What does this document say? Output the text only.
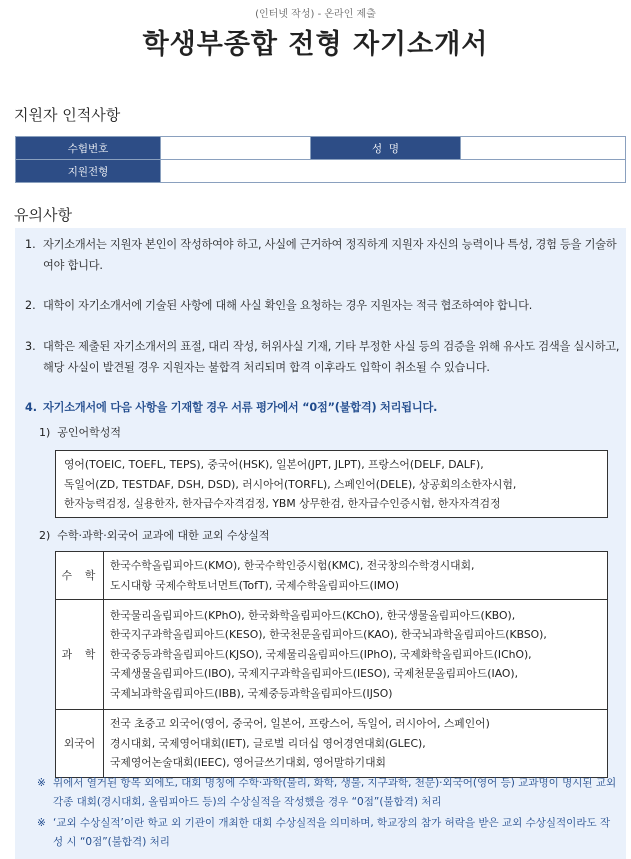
(인터넷 작성) - 온라인 제출
학생부종합 전형 자기소개서
지원자 인적사항
수험번호		성  명	
지원전형			
유의사항
1. 자기소개서는 지원자 본인이 작성하여야 하고, 사실에 근거하여 정직하게 지원자 자신의 능력이나 특성, 경험 등을 기술하여야 합니다.
2. 대학이 자기소개서에 기술된 사항에 대해 사실 확인을 요청하는 경우 지원자는 적극 협조하여야 합니다.
3. 대학은 제출된 자기소개서의 표절, 대리 작성, 허위사실 기재, 기타 부정한 사실 등의 검증을 위해 유사도 검색을 실시하고, 해당 사실이 발견될 경우 지원자는 불합격 처리되며 합격 이후라도 입학이 취소될 수 있습니다.
4. 자기소개서에 다음 사항을 기재할 경우 서류 평가에서 “0점”(불합격) 처리됩니다.
1)  공인어학성적
영어(TOEIC, TOEFL, TEPS), 중국어(HSK), 일본어(JPT, JLPT), 프랑스어(DELF, DALF),
독일어(ZD, TESTDAF, DSH, DSD), 러시아어(TORFL), 스페인어(DELE), 상공회의소한자시험,
한자능력검정, 실용한자, 한자급수자격검정, YBM 상무한검, 한자급수인증시험, 한자자격검정
2)  수학·과학·외국어 교과에 대한 교외 수상실적
수  학	한국수학올림피아드(KMO), 한국수학인증시험(KMC), 전국창의수학경시대회,
도시대항 국제수학토너먼트(TofT), 국제수학올림피아드(IMO)

과  학	한국물리올림피아드(KPhO), 한국화학올림피아드(KChO), 한국생물올림피아드(KBO),
한국지구과학올림피아드(KESO), 한국천문올림피아드(KAO), 한국뇌과학올림피아드(KBSO),
한국중등과학올림피아드(KJSO), 국제물리올림피아드(IPhO), 국제화학올림피아드(IChO),
국제생물올림피아드(IBO), 국제지구과학올림피아드(IESO), 국제천문올림피아드(IAO),
국제뇌과학올림피아드(IBB), 국제중등과학올림피아드(IJSO)

외국어	전국 초중고 외국어(영어, 중국어, 일본어, 프랑스어, 독일어, 러시아어, 스페인어)
경시대회, 국제영어대회(IET), 글로벌 리더십 영어경연대회(GLEC),
국제영어논술대회(IEEC), 영어글쓰기대회, 영어말하기대회
※ 위에서 열거된 항목 외에도, 대회 명칭에 수학·과학(물리, 화학, 생물, 지구과학, 천문)·외국어(영어 등) 교과명이 명시된 교외 각종 대회(경시대회, 올림피아드 등)의 수상실적을 작성했을 경우 “0점”(불합격) 처리
※ ‘교외 수상실적’이란 학교 외 기관이 개최한 대회 수상실적을 의미하며, 학교장의 참가 허락을 받은 교외 수상실적이라도 작성 시 “0점”(불합격) 처리
